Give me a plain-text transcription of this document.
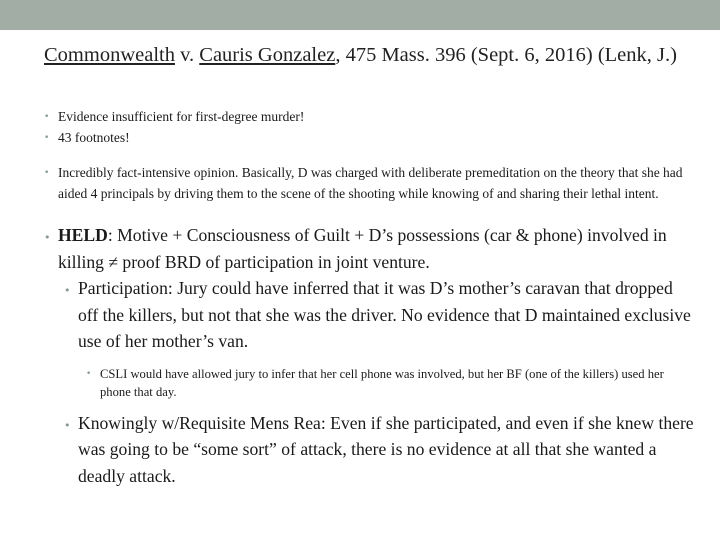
Commonwealth v. Cauris Gonzalez, 475 Mass. 396 (Sept. 6, 2016) (Lenk, J.)
• Evidence insufficient for first-degree murder!
• 43 footnotes!
• Incredibly fact-intensive opinion. Basically, D was charged with deliberate premeditation on the theory that she had aided 4 principals by driving them to the scene of the shooting while knowing of and sharing their lethal intent.
• HELD: Motive + Consciousness of Guilt + D’s possessions (car & phone) involved in killing ≠ proof BRD of participation in joint venture.
• Participation: Jury could have inferred that it was D’s mother’s caravan that dropped off the killers, but not that she was the driver. No evidence that D maintained exclusive use of her mother’s van.
• CSLI would have allowed jury to infer that her cell phone was involved, but her BF (one of the killers) used her phone that day.
• Knowingly w/Requisite Mens Rea: Even if she participated, and even if she knew there was going to be “some sort” of attack, there is no evidence at all that she wanted a deadly attack.
